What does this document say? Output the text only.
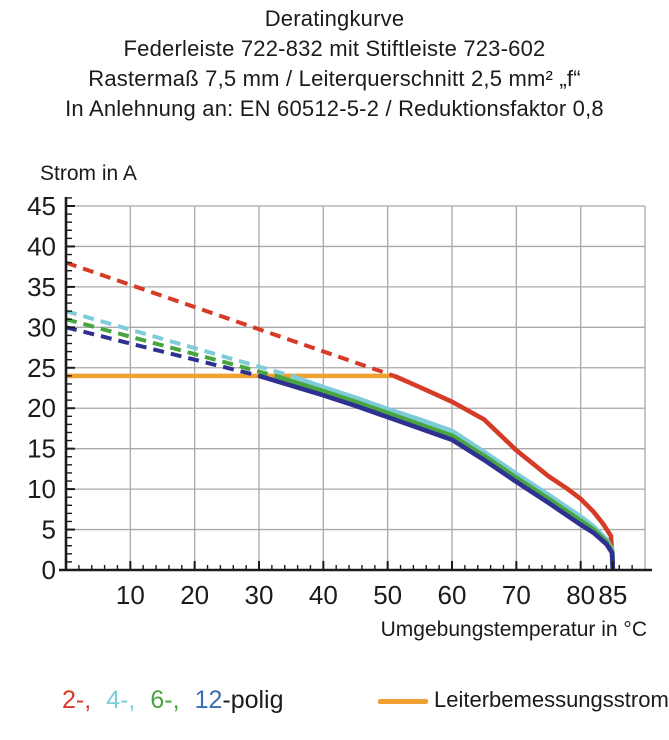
Deratingkurve
Federleiste 722-832 mit Stiftleiste 723-602
Rastermaß 7,5 mm / Leiterquerschnitt 2,5 mm² „f“
In Anlehnung an: EN 60512-5-2 / Reduktionsfaktor 0,8
Strom in A
0
5
10
15
20
25
30
35
40
45
10 20 30 40 50 60 70 80 85
Umgebungstemperatur in °C
2-, 4-, 6-, 12 -polig	Leiterbemessungsstrom
